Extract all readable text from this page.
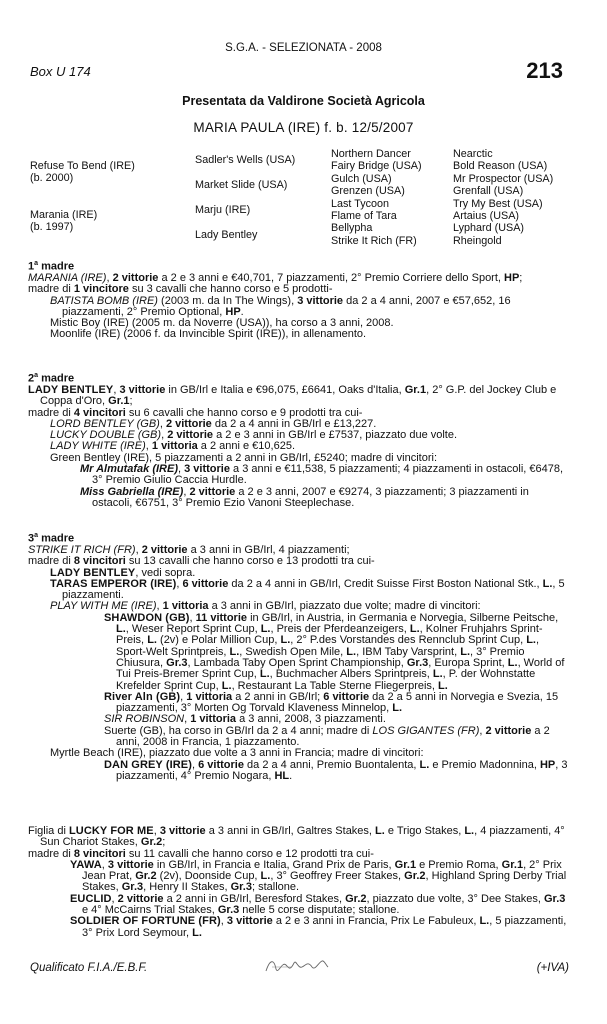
S.G.A. - SELEZIONATA - 2008
Box U 174	213
Presentata da Valdirone Società Agricola
MARIA PAULA (IRE) f. b. 12/5/2007
Refuse To Bend (IRE)
(b. 2000)
Marania (IRE)
(b. 1997)
Sadler's Wells (USA)
Market Slide (USA)
Marju (IRE)
Lady Bentley
Northern Dancer
Fairy Bridge (USA)
Gulch (USA)
Grenzen (USA)
Last Tycoon
Flame of Tara
Bellypha
Strike It Rich (FR)
Nearctic
Bold Reason (USA)
Mr Prospector (USA)
Grenfall (USA)
Try My Best (USA)
Artaius (USA)
Lyphard (USA)
Rheingold

1$^a$ madre

MARANIA (IRE), 2 vittorie a 2 e 3 anni e €40,701, 7 piazzamenti, 2° Premio Corriere dello Sport, HP;

madre di 1 vincitore su 3 cavalli che hanno corso e 5 prodotti-

BATISTA BOMB (IRE) (2003 m. da In The Wings), 3 vittorie da 2 a 4 anni, 2007 e €57,652, 16 piazzamenti, 2° Premio Optional, HP.

Mistic Boy (IRE) (2005 m. da Noverre (USA)), ha corso a 3 anni, 2008.

Moonlife (IRE) (2006 f. da Invincible Spirit (IRE)), in allenamento.

2$^a$ madre

LADY BENTLEY, 3 vittorie in GB/Irl e Italia e €96,075, £6641, Oaks d'Italia, Gr.1, 2° G.P. del Jockey Club e Coppa d'Oro, Gr.1;

madre di 4 vincitori su 6 cavalli che hanno corso e 9 prodotti tra cui-

LORD BENTLEY (GB), 2 vittorie da 2 a 4 anni in GB/Irl e £13,227.

LUCKY DOUBLE (GB), 2 vittorie a 2 e 3 anni in GB/Irl e £7537, piazzato due volte.

LADY WHITE (IRE), 1 vittoria a 2 anni e €10,625.

Green Bentley (IRE), 5 piazzamenti a 2 anni in GB/Irl, £5240; madre di vincitori:

Mr Almutafak (IRE), 3 vittorie a 3 anni e €11,538, 5 piazzamenti; 4 piazzamenti in ostacoli, €6478, 3° Premio Giulio Caccia Hurdle.

Miss Gabriella (IRE), 2 vittorie a 2 e 3 anni, 2007 e €9274, 3 piazzamenti; 3 piazzamenti in ostacoli, €6751, 3° Premio Ezio Vanoni Steeplechase.

3$^a$ madre

STRIKE IT RICH (FR), 2 vittorie a 3 anni in GB/Irl, 4 piazzamenti;

madre di 8 vincitori su 13 cavalli che hanno corso e 13 prodotti tra cui-

LADY BENTLEY, vedi sopra.

TARAS EMPEROR (IRE), 6 vittorie da 2 a 4 anni in GB/Irl, Credit Suisse First Boston National Stk., L., 5 piazzamenti.

PLAY WITH ME (IRE), 1 vittoria a 3 anni in GB/Irl, piazzato due volte; madre di vincitori:

SHAWDON (GB), 11 vittorie in GB/Irl, in Austria, in Germania e Norvegia, Silberne Peitsche, L., Weser Report Sprint Cup, L., Preis der Pferdeanzeigers, L., Kolner Fruhjahrs Sprint-Preis, L. (2v) e Polar Million Cup, L., 2° P.des Vorstandes des Rennclub Sprint Cup, L., Sport-Welt Sprintpreis, L., Swedish Open Mile, L., IBM Taby Varsprint, L., 3° Premio Chiusura, Gr.3, Lambada Taby Open Sprint Championship, Gr.3, Europa Sprint, L., World of Tui Preis-Bremer Sprint Cup, L., Buchmacher Albers Sprintpreis, L., P. der Wohnstatte Krefelder Sprint Cup, L., Restaurant La Table Sterne Fliegerpreis, L.

River Aln (GB), 1 vittoria a 2 anni in GB/Irl; 6 vittorie da 2 a 5 anni in Norvegia e Svezia, 15 piazzamenti, 3° Morten Og Torvald Klaveness Minnelop, L.

SIR ROBINSON, 1 vittoria a 3 anni, 2008, 3 piazzamenti.

Suerte (GB), ha corso in GB/Irl da 2 a 4 anni; madre di LOS GIGANTES (FR), 2 vittorie a 2 anni, 2008 in Francia, 1 piazzamento.

Myrtle Beach (IRE), piazzato due volte a 3 anni in Francia; madre di vincitori:

DAN GREY (IRE), 6 vittorie da 2 a 4 anni, Premio Buontalenta, L. e Premio Madonnina, HP, 3 piazzamenti, 4° Premio Nogara, HL.

Figlia di LUCKY FOR ME, 3 vittorie a 3 anni in GB/Irl, Galtres Stakes, L. e Trigo Stakes, L., 4 piazzamenti, 4° Sun Chariot Stakes, Gr.2;

madre di 8 vincitori su 11 cavalli che hanno corso e 12 prodotti tra cui-

YAWA, 3 vittorie in GB/Irl, in Francia e Italia, Grand Prix de Paris, Gr.1 e Premio Roma, Gr.1, 2° Prix Jean Prat, Gr.2 (2v), Doonside Cup, L., 3° Geoffrey Freer Stakes, Gr.2, Highland Spring Derby Trial Stakes, Gr.3, Henry II Stakes, Gr.3; stallone.

EUCLID, 2 vittorie a 2 anni in GB/Irl, Beresford Stakes, Gr.2, piazzato due volte, 3° Dee Stakes, Gr.3 e 4° McCairns Trial Stakes, Gr.3 nelle 5 corse disputate; stallone.

SOLDIER OF FORTUNE (FR), 3 vittorie a 2 e 3 anni in Francia, Prix Le Fabuleux, L., 5 piazzamenti, 3° Prix Lord Seymour, L.

Qualificato F.I.A./E.B.F.	(+IVA)
